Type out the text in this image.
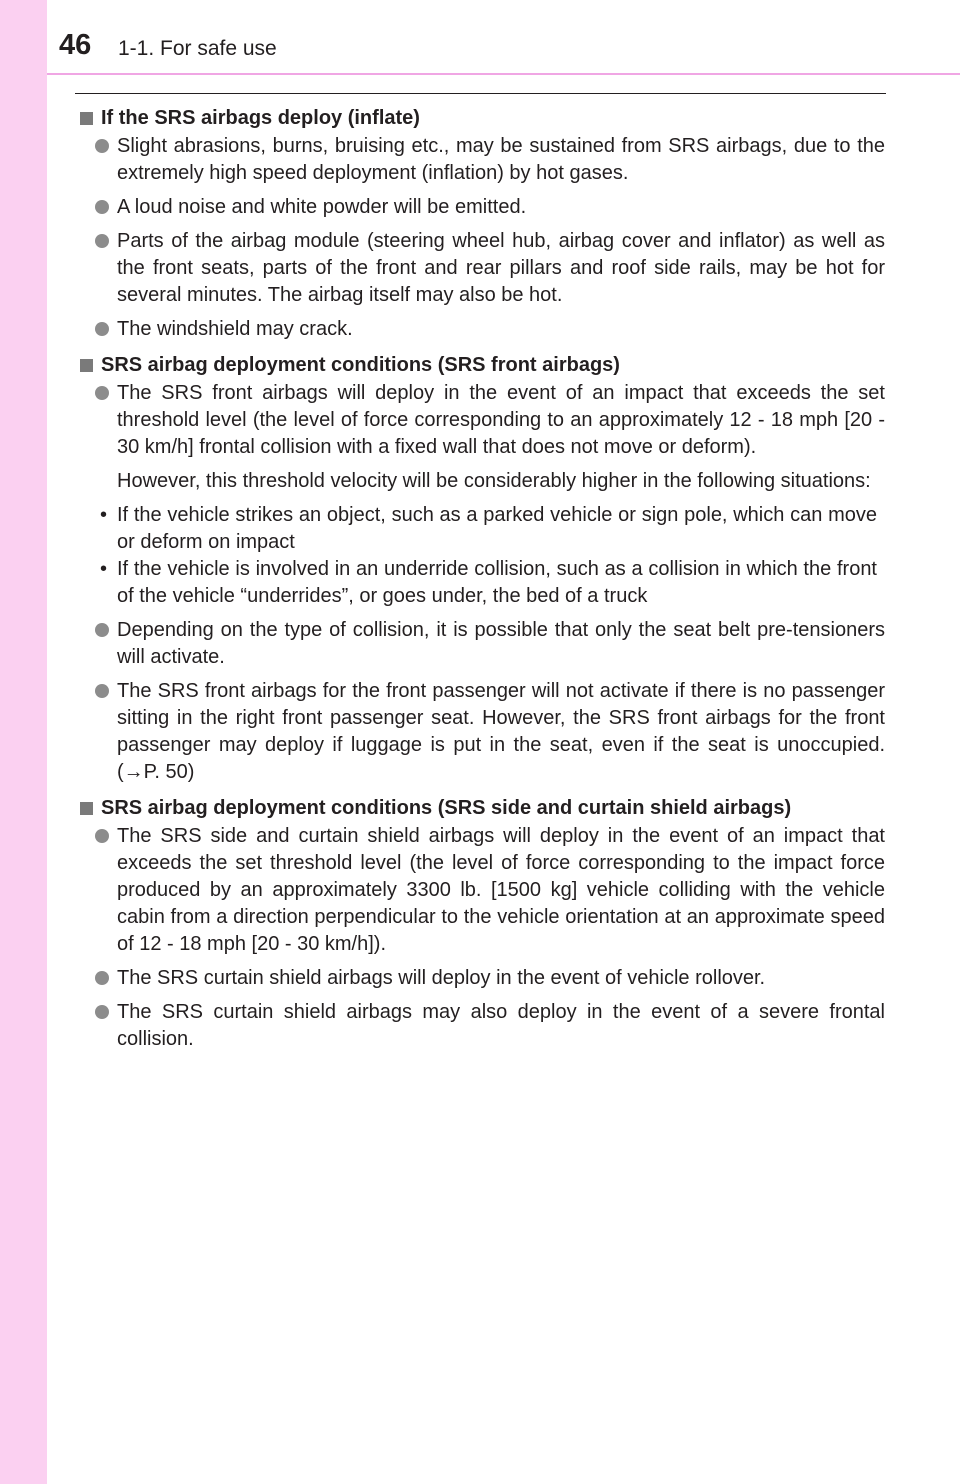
46 1-1. For safe use
If the SRS airbags deploy (inflate)
Slight abrasions, burns, bruising etc., may be sustained from SRS airbags, due to the extremely high speed deployment (inflation) by hot gases.
A loud noise and white powder will be emitted.
Parts of the airbag module (steering wheel hub, airbag cover and inflator) as well as the front seats, parts of the front and rear pillars and roof side rails, may be hot for several minutes. The airbag itself may also be hot.
The windshield may crack.
SRS airbag deployment conditions (SRS front airbags)
The SRS front airbags will deploy in the event of an impact that exceeds the set threshold level (the level of force corresponding to an approximately 12 - 18 mph [20 - 30 km/h] frontal collision with a fixed wall that does not move or deform).
However, this threshold velocity will be considerably higher in the following situations:
• If the vehicle strikes an object, such as a parked vehicle or sign pole, which can move or deform on impact
• If the vehicle is involved in an underride collision, such as a collision in which the front of the vehicle “underrides”, or goes under, the bed of a truck
Depending on the type of collision, it is possible that only the seat belt pre-tensioners will activate.
The SRS front airbags for the front passenger will not activate if there is no passenger sitting in the right front passenger seat. However, the SRS front airbags for the front passenger may deploy if luggage is put in the seat, even if the seat is unoccupied. (→P. 50)
SRS airbag deployment conditions (SRS side and curtain shield airbags)
The SRS side and curtain shield airbags will deploy in the event of an impact that exceeds the set threshold level (the level of force corresponding to the impact force produced by an approximately 3300 lb. [1500 kg] vehicle colliding with the vehicle cabin from a direction perpendicular to the vehicle orientation at an approximate speed of 12 - 18 mph [20 - 30 km/h]).
The SRS curtain shield airbags will deploy in the event of vehicle rollover.
The SRS curtain shield airbags may also deploy in the event of a severe frontal collision.
